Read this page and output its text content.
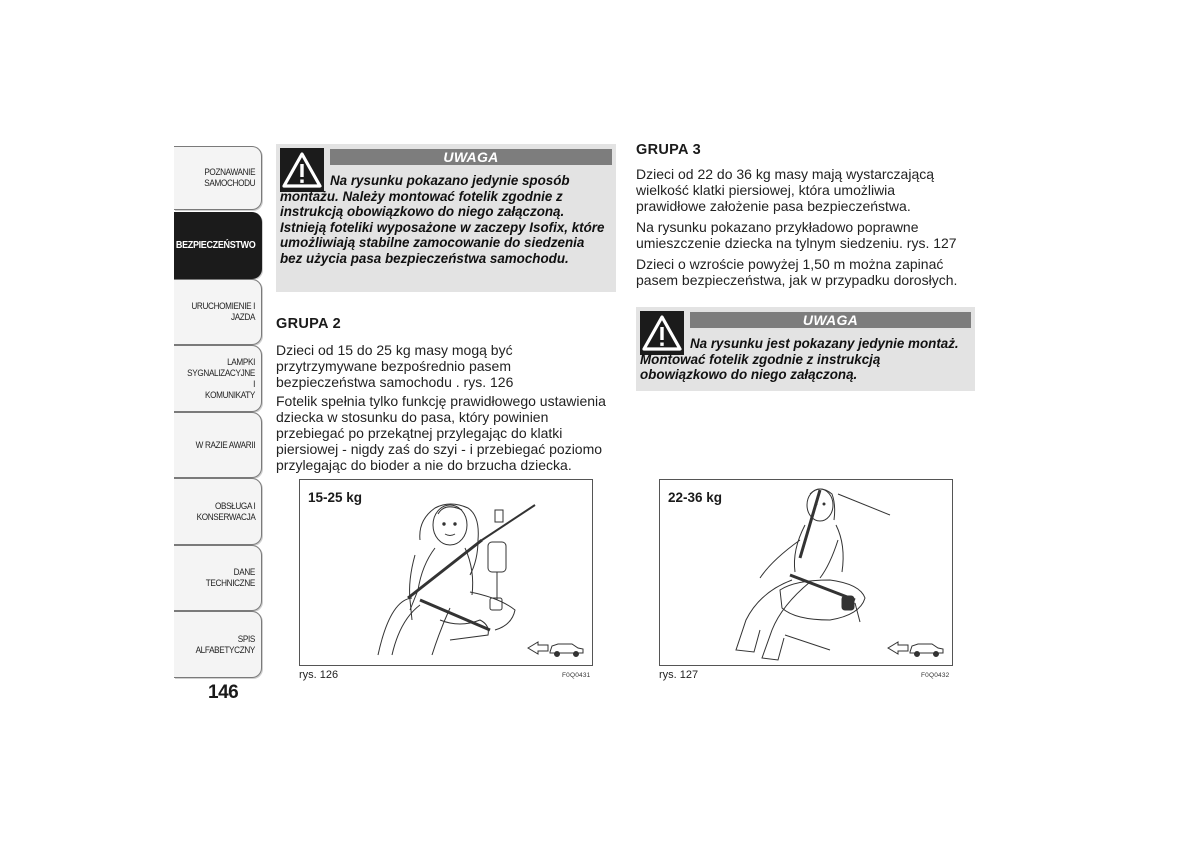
POZNAWANIE
SAMOCHODU
BEZPIECZEŃSTWO
URUCHOMIENIE I
JAZDA
LAMPKI
SYGNALIZACYJNE I
KOMUNIKATY
W RAZIE AWARII
OBSŁUGA I
KONSERWACJA
DANE TECHNICZNE
SPIS ALFABETYCZNY
146
UWAGA
Na rysunku pokazano jedynie sposób montażu. Należy montować fotelik zgodnie z instrukcją obowiązkowo do niego załączoną. Istnieją foteliki wyposażone w zaczepy Isofix, które umożliwiają stabilne zamocowanie do siedzenia bez użycia pasa bezpieczeństwa samochodu.
GRUPA 2
Dzieci od 15 do 25 kg masy mogą być przytrzymywane bezpośrednio pasem bezpieczeństwa samochodu . rys. 126
Fotelik spełnia tylko funkcję prawidłowego ustawienia dziecka w stosunku do pasa, który powinien przebiegać po przekątnej przylegając do klatki piersiowej - nigdy zaś do szyi - i przebiegać poziomo przylegając do bioder a nie do brzucha dziecka.
15-25 kg
rys. 126	F0Q0431
GRUPA 3
Dzieci od 22 do 36 kg masy mają wystarczającą wielkość klatki piersiowej, która umożliwia prawidłowe założenie pasa bezpieczeństwa.
Na rysunku pokazano przykładowo poprawne umieszczenie dziecka na tylnym siedzeniu. rys. 127
Dzieci o wzroście powyżej 1,50 m można zapinać pasem bezpieczeństwa, jak w przypadku dorosłych.
UWAGA
Na rysunku jest pokazany jedynie montaż. Montować fotelik zgodnie z instrukcją obowiązkowo do niego załączoną.
22-36 kg
rys. 127	F0Q0432
